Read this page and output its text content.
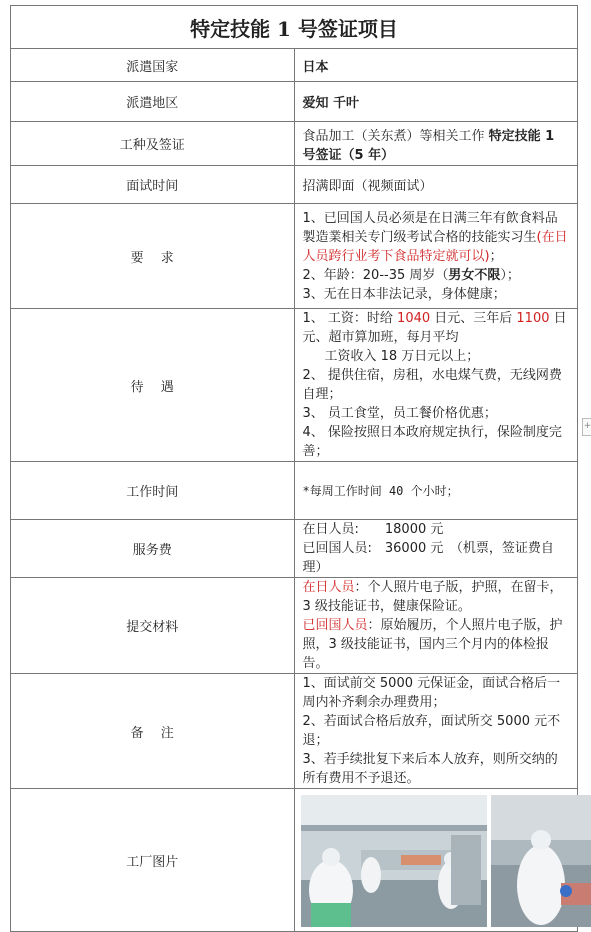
特定技能 1 号签证项目	
派遣国家	日本
派遣地区	爱知 千叶
工种及签证	食品加工（关东煮）等相关工作 特定技能 1 号签证（5 年）
面试时间	招满即面（视频面试）
要　 求	1、已回国人员必须是在日满三年有飲食料品製造業相关专门级考试合格的技能实习生(在日人员跨行业考下食品特定就可以)；
2、年龄：20--35 周岁（男女不限）；
3、无在日本非法记录，身体健康；

待　 遇	1、 工资：时给 1040 日元、三年后 1100 日元、超市算加班，每月平均
工资收入 18 万日元以上；
2、 提供住宿，房租，水电煤气费，无线网费自理；
3、 员工食堂，员工餐价格优惠；
4、 保险按照日本政府规定执行，保险制度完善；

工作时间	*每周工作时间 40 个小时；
服务费	在日人员:　　18000 元
已回国人员:　36000 元　（机票，签证费自理）

提交材料	在日人员：个人照片电子版，护照，在留卡，3 级技能证书，健康保险证。
已回国人员：原始履历，个人照片电子版，护照，3 级技能证书，国内三个月内的体检报告。

备　 注	1、面试前交 5000 元保证金，面试合格后一周内补齐剩余办理费用；
2、若面试合格后放弃，面试所交 5000 元不退；
3、若手续批复下来后本人放弃，则所交纳的所有费用不予退还。

工厂图片	
+
